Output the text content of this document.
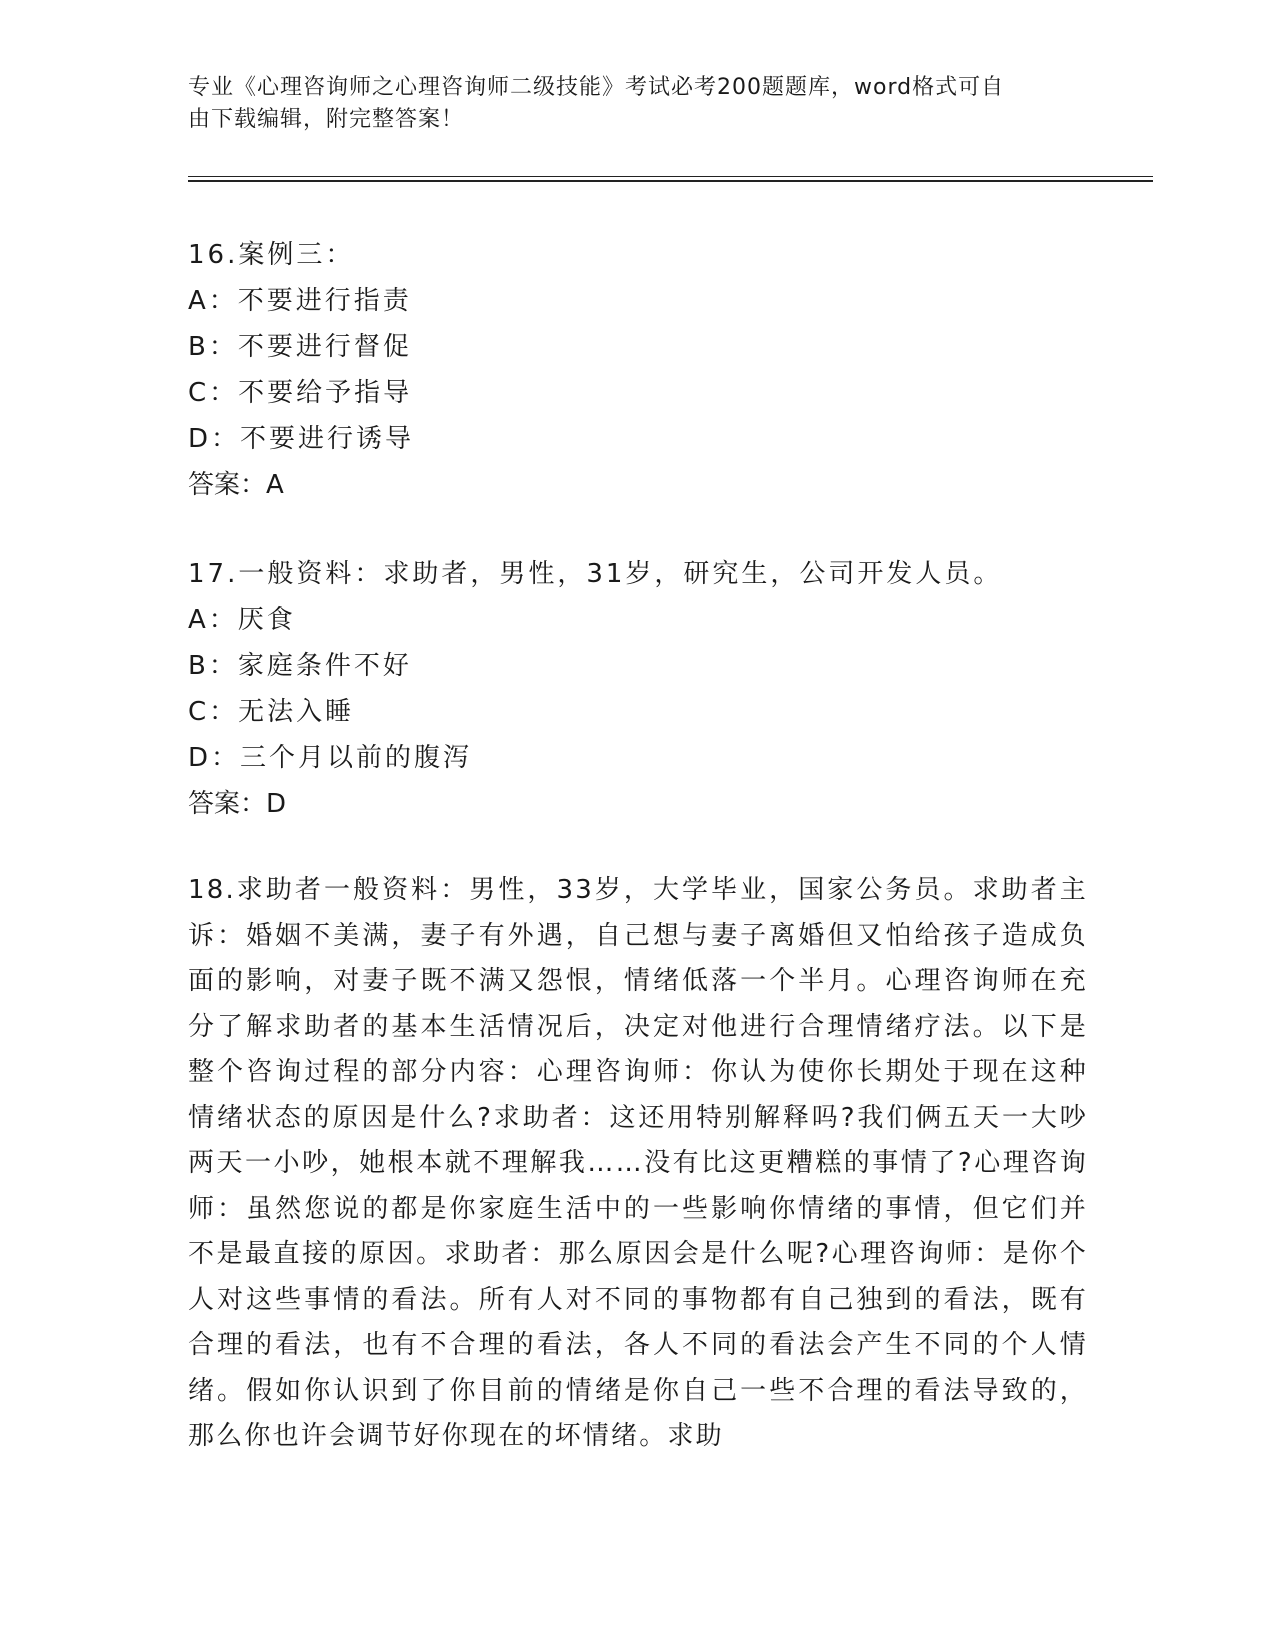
专业《心理咨询师之心理咨询师二级技能》考试必考200题题库，word格式可自
由下载编辑，附完整答案！
16.案例三：
A：不要进行指责
B：不要进行督促
C：不要给予指导
D：不要进行诱导
答案：A
17.一般资料：求助者，男性，31岁，研究生，公司开发人员。
A：厌食
B：家庭条件不好
C：无法入睡
D：三个月以前的腹泻
答案：D
18.求助者一般资料：男性，33岁，大学毕业，国家公务员。求助者主诉：婚姻不美满，妻子有外遇，自己想与妻子离婚但又怕给孩子造成负面的影响，对妻子既不满又怨恨，情绪低落一个半月。心理咨询师在充分了解求助者的基本生活情况后，决定对他进行合理情绪疗法。以下是整个咨询过程的部分内容：心理咨询师：你认为使你长期处于现在这种情绪状态的原因是什么?求助者：这还用特别解释吗?我们俩五天一大吵两天一小吵，她根本就不理解我……没有比这更糟糕的事情了?心理咨询师：虽然您说的都是你家庭生活中的一些影响你情绪的事情，但它们并不是最直接的原因。求助者：那么原因会是什么呢?心理咨询师：是你个人对这些事情的看法。所有人对不同的事物都有自己独到的看法，既有合理的看法，也有不合理的看法，各人不同的看法会产生不同的个人情绪。假如你认识到了你目前的情绪是你自己一些不合理的看法导致的，那么你也许会调节好你现在的坏情绪。求助
